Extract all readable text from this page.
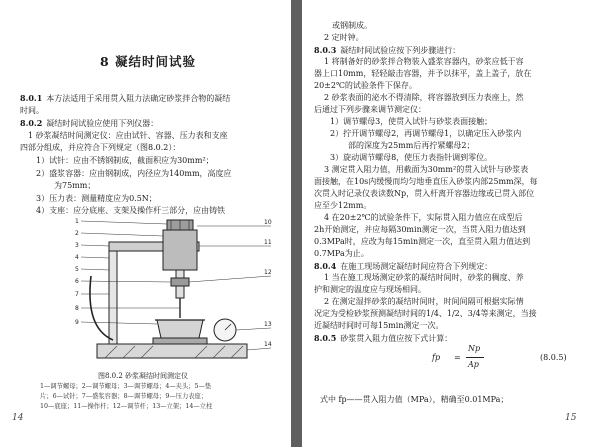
8 凝结时间试验
8.0.1 本方法适用于采用贯入阻力法确定砂浆拌合物的凝结
时间。
8.0.2 凝结时间试验应使用下列仪器：
1 砂浆凝结时间测定仪：应由试针、容器、压力表和支座
四部分组成，并应符合下列规定（图8.0.2）：
1）试针：应由不锈钢制成，截面积应为30mm²；
2）盛浆容器：应由钢制成，内径应为140mm，高度应
为75mm；
3）压力表：测量精度应为0.5N；
4）支座：应分底座、支架及操作杆三部分，应由铸铁
1
2
3
4
5
6
7
8
9
10
11
12
13
14
图8.0.2 砂浆凝结时间测定仪
1—调节螺母；2—调节螺母；3—调节螺母；4—夹头；5—垫
片；6—试针；7—盛浆容器；8—调节螺母；9—压力表座；
10—底座；11—操作杆；12—调节杆；13—立架；14—立柱
14
或钢制成。
2 定时钟。
8.0.3 凝结时间试验应按下列步骤进行：
1 将制备好的砂浆拌合物装入盛浆容器内，砂浆应低于容
器上口10mm，轻轻敲击容器，并予以抹平，盖上盖子，放在
20±2℃的试验条件下保存。
2 砂浆表面的泌水不得清除，将容器放到压力表座上，然
后通过下列步骤来调节测定仪：
1）调节螺母3，使贯入试针与砂浆表面接触；
2）拧开调节螺母2，再调节螺母1，以确定压入砂浆内
部的深度为25mm后再拧紧螺母2；
3）旋动调节螺母8，使压力表指针调到零位。
3 测定贯入阻力值，用截面为30mm²的贯入试针与砂浆表
面接触，在10s内缓慢而均匀地垂直压入砂浆内部25mm深，每
次贯入时记录仪表读数Np，贯入杆离开容器边缘或已贯入部位
应至少12mm。
4 在20±2℃的试验条件下，实际贯入阻力值应在成型后
2h开始测定，并应每隔30min测定一次，当贯入阻力值达到
0.3MPa时，应改为每15min测定一次，直至贯入阻力值达到
0.7MPa为止。
8.0.4 在施工现场测定凝结时间应符合下列规定：
1 当在施工现场测定砂浆的凝结时间时，砂浆的稠度、养
护和测定的温度应与现场相同。
2 在测定湿拌砂浆的凝结时间时，时间间隔可根据实际情
况定为受检砂浆预测凝结时间的1/4、1/2、3/4等来测定，当接
近凝结时间时可每15min测定一次。
8.0.5 砂浆贯入阻力值应按下式计算：
fp =
Np
Ap
(8.0.5)
式中 fp——贯入阻力值（MPa），精确至0.01MPa；
15
